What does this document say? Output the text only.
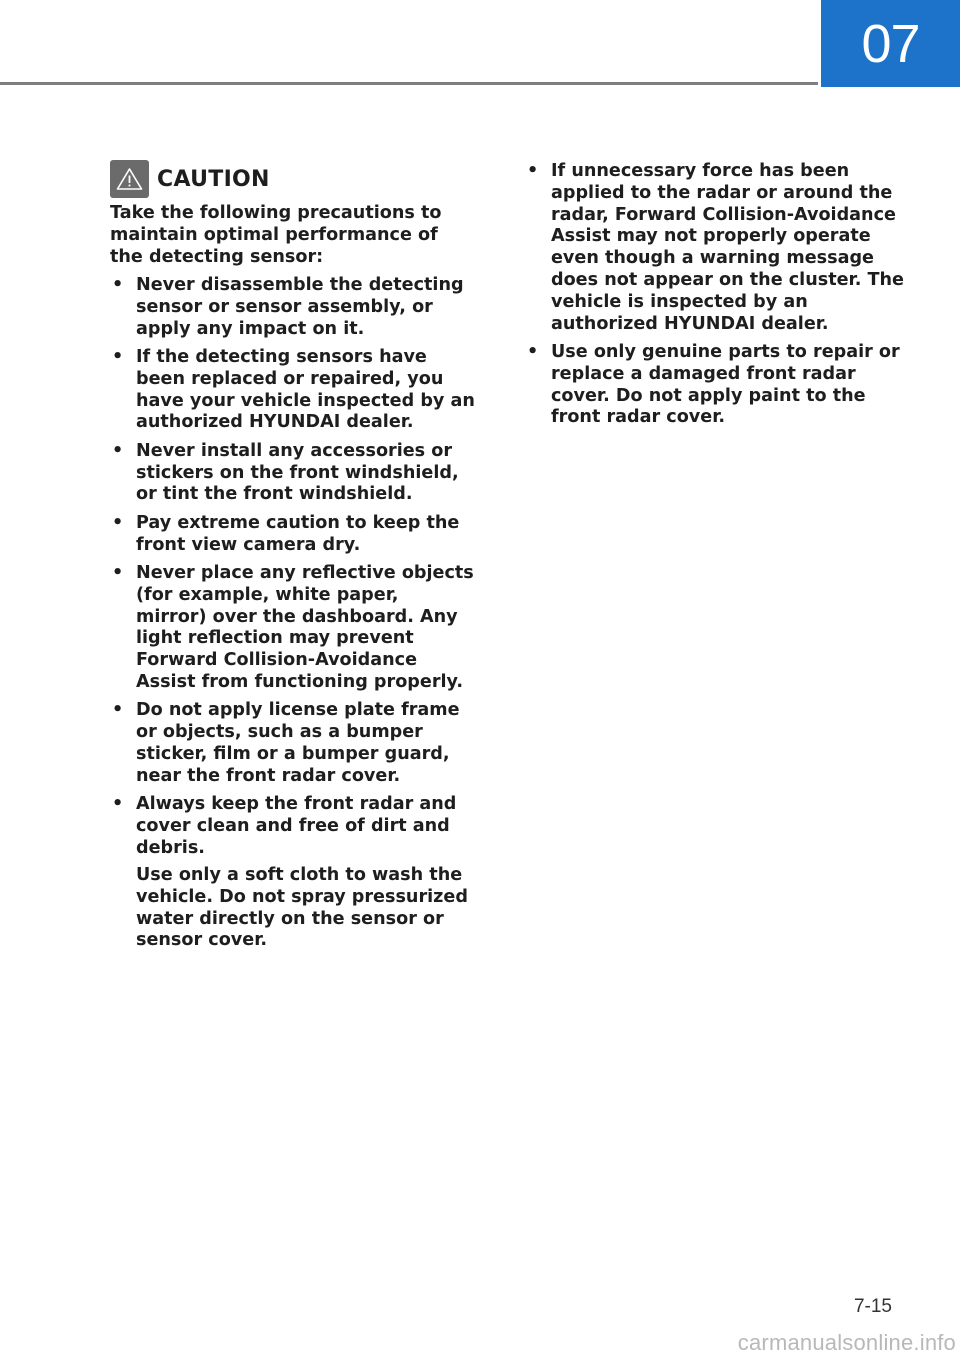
07
CAUTION
Take the following precautions to maintain optimal performance of the detecting sensor:
• Never disassemble the detecting sensor or sensor assembly, or apply any impact on it.
• If the detecting sensors have been replaced or repaired, you have your vehicle inspected by an authorized HYUNDAI dealer.
• Never install any accessories or stickers on the front windshield, or tint the front windshield.
• Pay extreme caution to keep the front view camera dry.
• Never place any reflective objects (for example, white paper, mirror) over the dashboard. Any light reflection may prevent Forward Collision-Avoidance Assist from functioning properly.
• Do not apply license plate frame or objects, such as a bumper sticker, film or a bumper guard, near the front radar cover.
• Always keep the front radar and cover clean and free of dirt and debris.
Use only a soft cloth to wash the vehicle. Do not spray pressurized water directly on the sensor or sensor cover.
• If unnecessary force has been applied to the radar or around the radar, Forward Collision-Avoidance Assist may not properly operate even though a warning message does not appear on the cluster. The vehicle is inspected by an authorized HYUNDAI dealer.
• Use only genuine parts to repair or replace a damaged front radar cover. Do not apply paint to the front radar cover.
7-15
carmanualsonline.info
